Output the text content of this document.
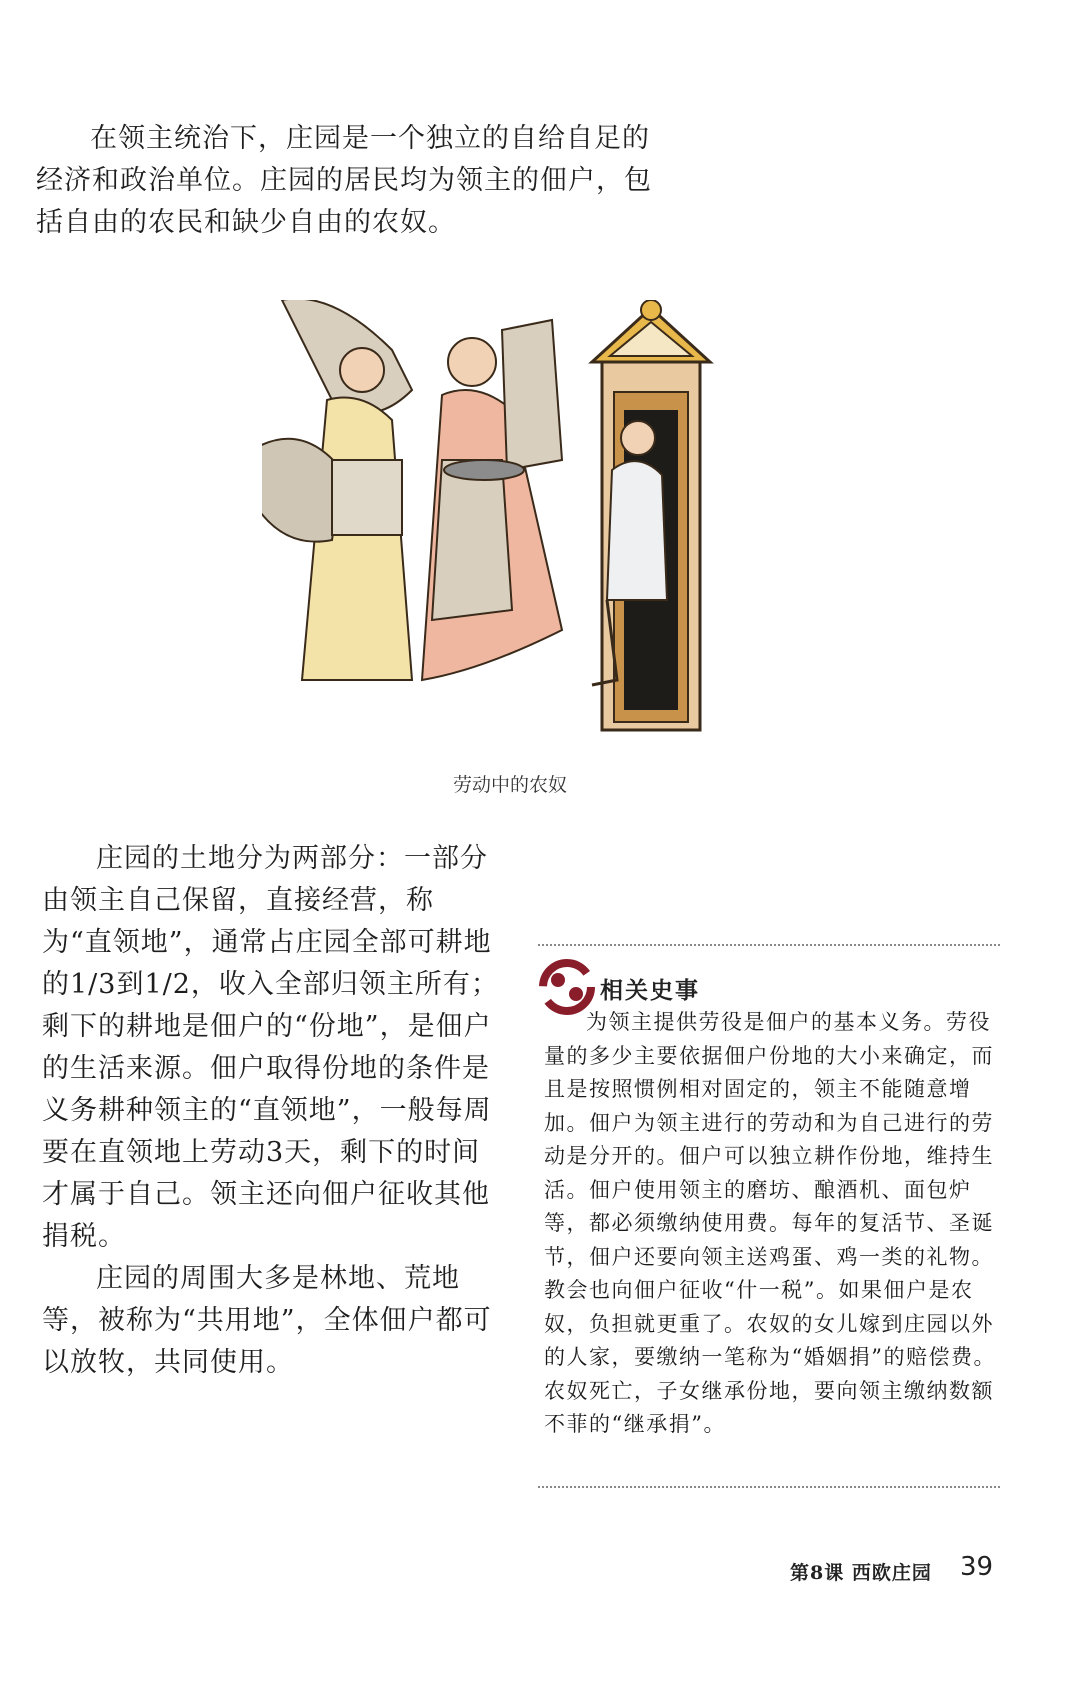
在领主统治下，庄园是一个独立的自给自足的经济和政治单位。庄园的居民均为领主的佃户，包括自由的农民和缺少自由的农奴。

劳动中的农奴
庄园的土地分为两部分：一部分由领主自己保留，直接经营，称为“直领地”，通常占庄园全部可耕地的1/3到1/2，收入全部归领主所有；剩下的耕地是佃户的“份地”，是佃户的生活来源。佃户取得份地的条件是义务耕种领主的“直领地”，一般每周要在直领地上劳动3天，剩下的时间才属于自己。领主还向佃户征收其他捐税。
庄园的周围大多是林地、荒地等，被称为“共用地”，全体佃户都可以放牧，共同使用。
相关史事

为领主提供劳役是佃户的基本义务。劳役量的多少主要依据佃户份地的大小来确定，而且是按照惯例相对固定的，领主不能随意增加。佃户为领主进行的劳动和为自己进行的劳动是分开的。佃户可以独立耕作份地，维持生活。佃户使用领主的磨坊、酿酒机、面包炉等，都必须缴纳使用费。每年的复活节、圣诞节，佃户还要向领主送鸡蛋、鸡一类的礼物。教会也向佃户征收“什一税”。如果佃户是农奴，负担就更重了。农奴的女儿嫁到庄园以外的人家，要缴纳一笔称为“婚姻捐”的赔偿费。农奴死亡，子女继承份地，要向领主缴纳数额不菲的“继承捐”。

第8课 西欧庄园 39
